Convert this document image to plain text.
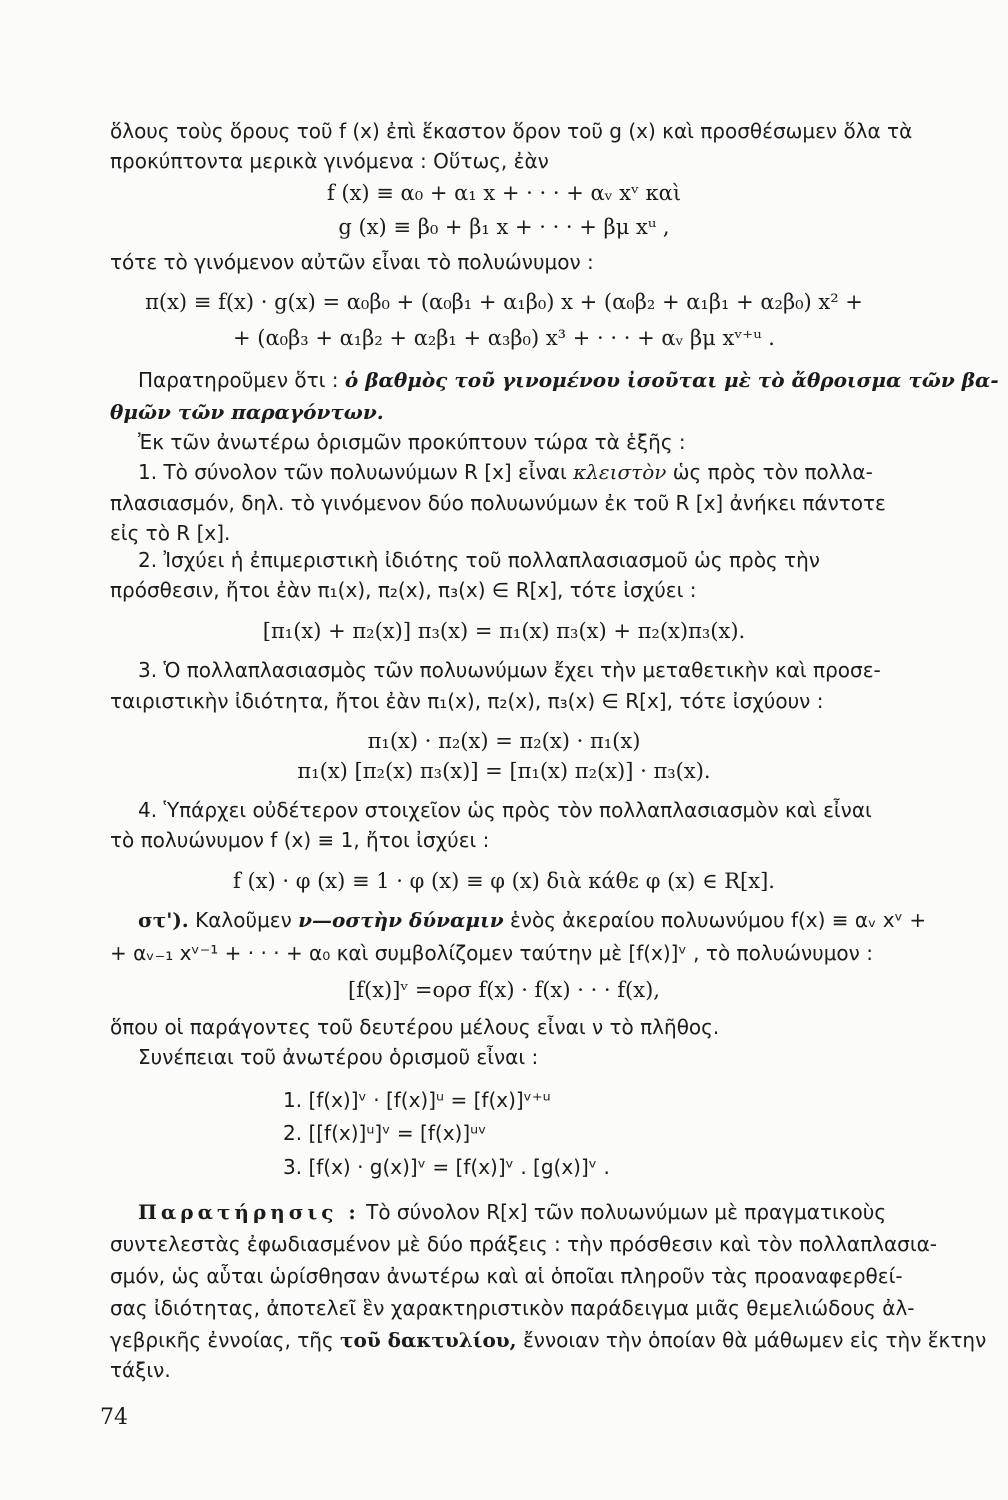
ὅλους τοὺς ὅρους τοῦ f (x) ἐπὶ ἕκαστον ὅρον τοῦ g (x) καὶ προσθέσωμεν ὅλα τὰ
προκύπτοντα μερικὰ γινόμενα : Οὕτως, ἐὰν
f (x) ≡ α₀ + α₁ x + · · · + αᵥ xᵛ καὶ
g (x) ≡ β₀ + β₁ x + · · · + βμ xᵘ ,
τότε τὸ γινόμενον αὐτῶν εἶναι τὸ πολυώνυμον :
π(x) ≡ f(x) · g(x) = α₀β₀ + (α₀β₁ + α₁β₀) x + (α₀β₂ + α₁β₁ + α₂β₀) x² +
+ (α₀β₃ + α₁β₂ + α₂β₁ + α₃β₀) x³ + · · · + αᵥ βμ xᵛ⁺ᵘ .
Παρατηροῦμεν ὅτι : ὁ βαθμὸς τοῦ γινομένου ἰσοῦται μὲ τὸ ἄθροισμα τῶν βα-
θμῶν τῶν παραγόντων.
Ἐκ τῶν ἀνωτέρω ὁρισμῶν προκύπτουν τώρα τὰ ἑξῆς :
1. Τὸ σύνολον τῶν πολυωνύμων R [x] εἶναι κλειστὸν ὡς πρὸς τὸν πολλα-
πλασιασμόν, δηλ. τὸ γινόμενον δύο πολυωνύμων ἐκ τοῦ R [x] ἀνήκει πάντοτε
εἰς τὸ R [x].
2. Ἰσχύει ἡ ἐπιμεριστικὴ ἰδιότης τοῦ πολλαπλασιασμοῦ ὡς πρὸς τὴν
πρόσθεσιν, ἤτοι ἐὰν π₁(x), π₂(x), π₃(x) ∈ R[x], τότε ἰσχύει :
[π₁(x) + π₂(x)] π₃(x) = π₁(x) π₃(x) + π₂(x)π₃(x).
3. Ὁ πολλαπλασιασμὸς τῶν πολυωνύμων ἔχει τὴν μεταθετικὴν καὶ προσε-
ταιριστικὴν ἰδιότητα, ἤτοι ἐὰν π₁(x), π₂(x), π₃(x) ∈ R[x], τότε ἰσχύουν :
π₁(x) · π₂(x) = π₂(x) · π₁(x)
π₁(x) [π₂(x) π₃(x)] = [π₁(x) π₂(x)] · π₃(x).
4. Ὑπάρχει οὐδέτερον στοιχεῖον ὡς πρὸς τὸν πολλαπλασιασμὸν καὶ εἶναι
τὸ πολυώνυμον f (x) ≡ 1, ἤτοι ἰσχύει :
f (x) · φ (x) ≡ 1 · φ (x) ≡ φ (x) διὰ κάθε φ (x) ∈ R[x].
στ'). Καλοῦμεν ν—οστὴν δύναμιν ἑνὸς ἀκεραίου πολυωνύμου f(x) ≡ αᵥ xᵛ +
+ αᵥ₋₁ xᵛ⁻¹ + · · · + α₀ καὶ συμβολίζομεν ταύτην μὲ [f(x)]ᵛ , τὸ πολυώνυμον :
[f(x)]ᵛ =ορσ f(x) · f(x) · · · f(x),
ὅπου οἱ παράγοντες τοῦ δευτέρου μέλους εἶναι ν τὸ πλῆθος.
Συνέπειαι τοῦ ἀνωτέρου ὁρισμοῦ εἶναι :
1. [f(x)]ᵛ · [f(x)]ᵘ = [f(x)]ᵛ⁺ᵘ
2. [[f(x)]ᵘ]ᵛ = [f(x)]ᵘᵛ
3. [f(x) · g(x)]ᵛ = [f(x)]ᵛ . [g(x)]ᵛ .
Παρατήρησις : Τὸ σύνολον R[x] τῶν πολυωνύμων μὲ πραγματικοὺς
συντελεστὰς ἐφωδιασμένον μὲ δύο πράξεις : τὴν πρόσθεσιν καὶ τὸν πολλαπλασια-
σμόν, ὡς αὗται ὡρίσθησαν ἀνωτέρω καὶ αἱ ὁποῖαι πληροῦν τὰς προαναφερθεί-
σας ἰδιότητας, ἀποτελεῖ ἓν χαρακτηριστικὸν παράδειγμα μιᾶς θεμελιώδους ἀλ-
γεβρικῆς ἐννοίας, τῆς τοῦ δακτυλίου, ἔννοιαν τὴν ὁποίαν θὰ μάθωμεν εἰς τὴν ἕκτην
τάξιν.
74
